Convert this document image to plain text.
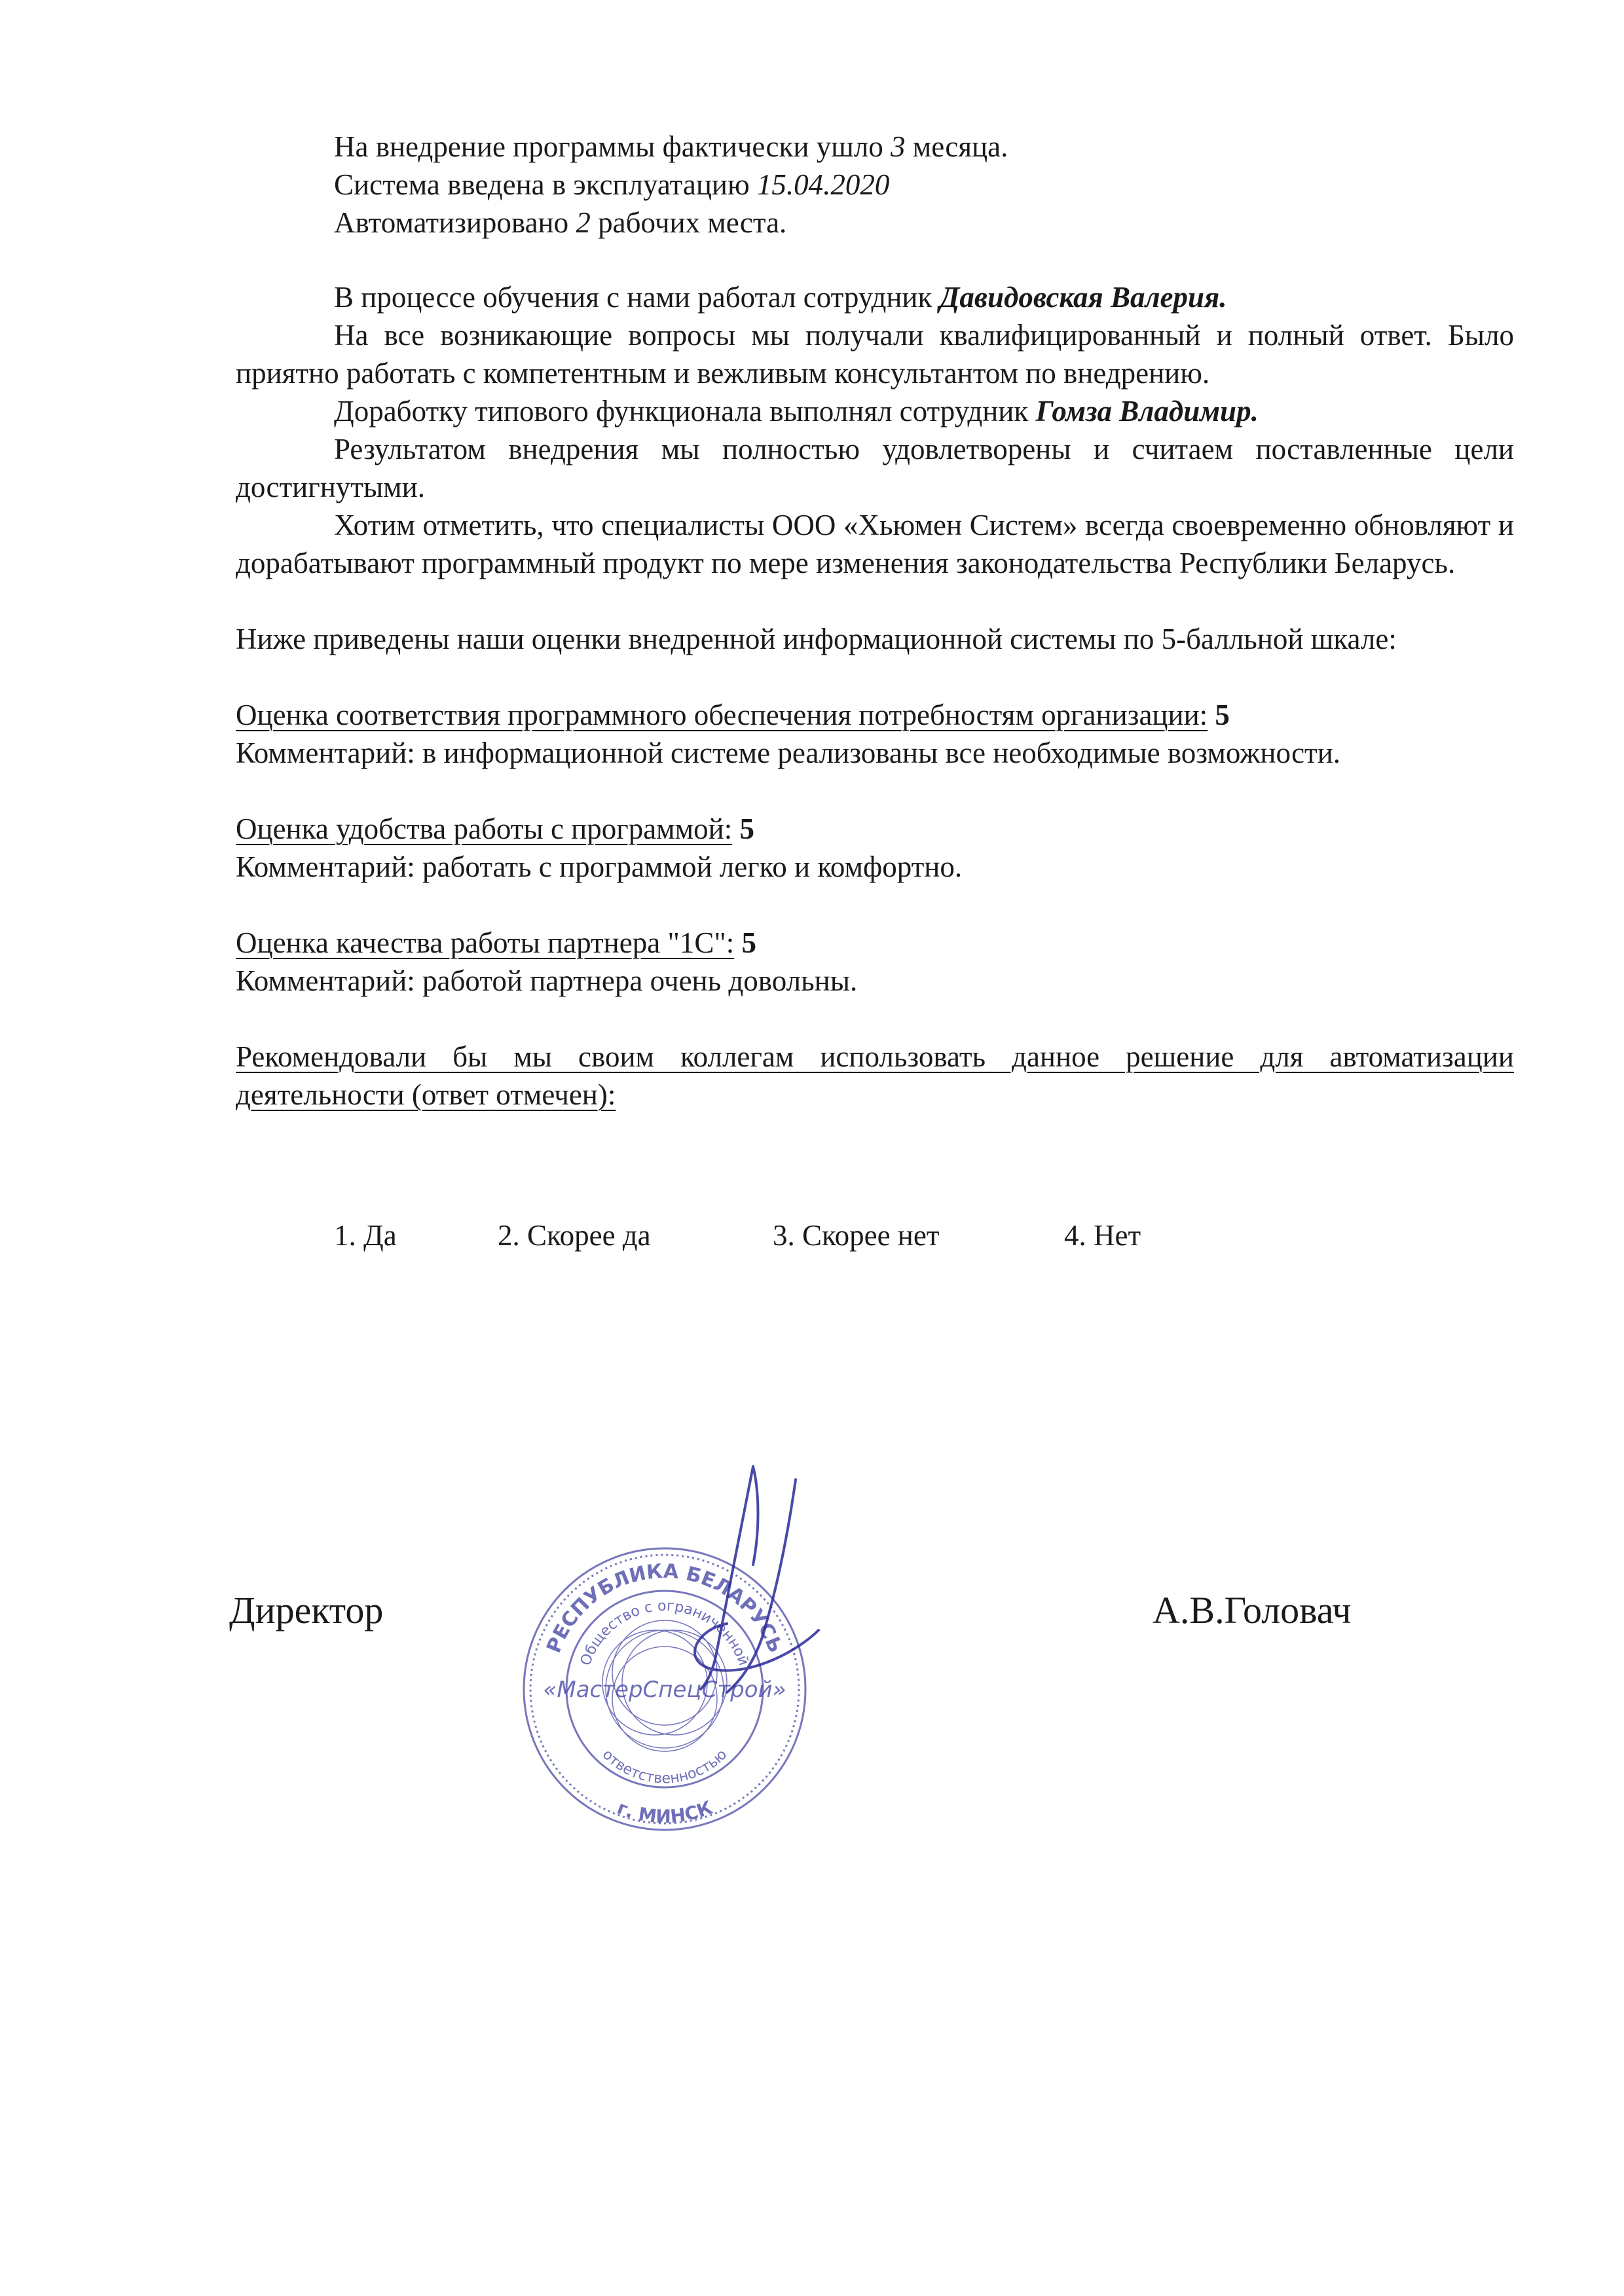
На внедрение программы фактически ушло 3 месяца.

Система введена в эксплуатацию 15.04.2020

Автоматизировано 2 рабочих места.

В процессе обучения с нами работал сотрудник Давидовская Валерия.

На все возникающие вопросы мы получали квалифицированный и полный ответ. Было приятно работать с компетентным и вежливым консультантом по внедрению.

Доработку типового функционала выполнял сотрудник Гомза Владимир.

Результатом внедрения мы полностью удовлетворены и считаем поставленные цели достигнутыми.

Хотим отметить, что специалисты ООО «Хьюмен Систем» всегда своевременно обновляют и дорабатывают программный продукт по мере изменения законодательства Республики Беларусь.

Ниже приведены наши оценки внедренной информационной системы по 5-балльной шкале:

Оценка соответствия программного обеспечения потребностям организации: 5

Комментарий: в информационной системе реализованы все необходимые возможности.

Оценка удобства работы с программой: 5

Комментарий: работать с программой легко и комфортно.

Оценка качества работы партнера "1С": 5

Комментарий: работой партнера очень довольны.

Рекомендовали бы мы своим коллегам использовать данное решение для автоматизации деятельности (ответ отмечен):

1. Да	2. Скорее да	3. Скорее нет	4. Нет
Директор	А.В.Головач
РЕСПУБЛИКА БЕЛАРУСЬ
Общество с ограниченной
«МастерСпецСтрой»
ответственностью
г. МИНСК
